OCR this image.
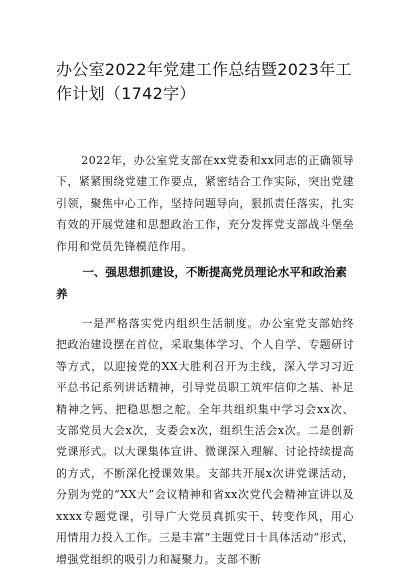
办公室2022年党建工作总结暨2023年工作计划（1742字）

2022年，办公室党支部在xx党委和xx同志的正确领导下，紧紧围绕党建工作要点，紧密结合工作实际，突出党建引领，聚焦中心工作，坚持问题导向，狠抓责任落实，扎实有效的开展党建和思想政治工作，充分发挥党支部战斗堡垒作用和党员先锋模范作用。

一、强思想抓建设，不断提高党员理论水平和政治素养

一是严格落实党内组织生活制度。办公室党支部始终把政治建设摆在首位，采取集体学习、个人自学、专题研讨等方式，以迎接党的XX大胜利召开为主线，深入学习习近平总书记系列讲话精神，引导党员职工筑牢信仰之基、补足精神之钙、把稳思想之舵。全年共组织集中学习会xx次、支部党员大会x次，支委会x次，组织生活会x次。二是创新党课形式。以大课集体宣讲、微课深入理解、讨论持续提高的方式，不断深化授课效果。支部共开展x次讲党课活动，分别为党的“XX大”会议精神和省xx次党代会精神宣讲以及xxxx专题党课，引导广大党员真抓实干、转变作风，用心用情用力投入工作。三是丰富“主题党日十具体活动”形式，增强党组织的吸引力和凝聚力。支部不断
